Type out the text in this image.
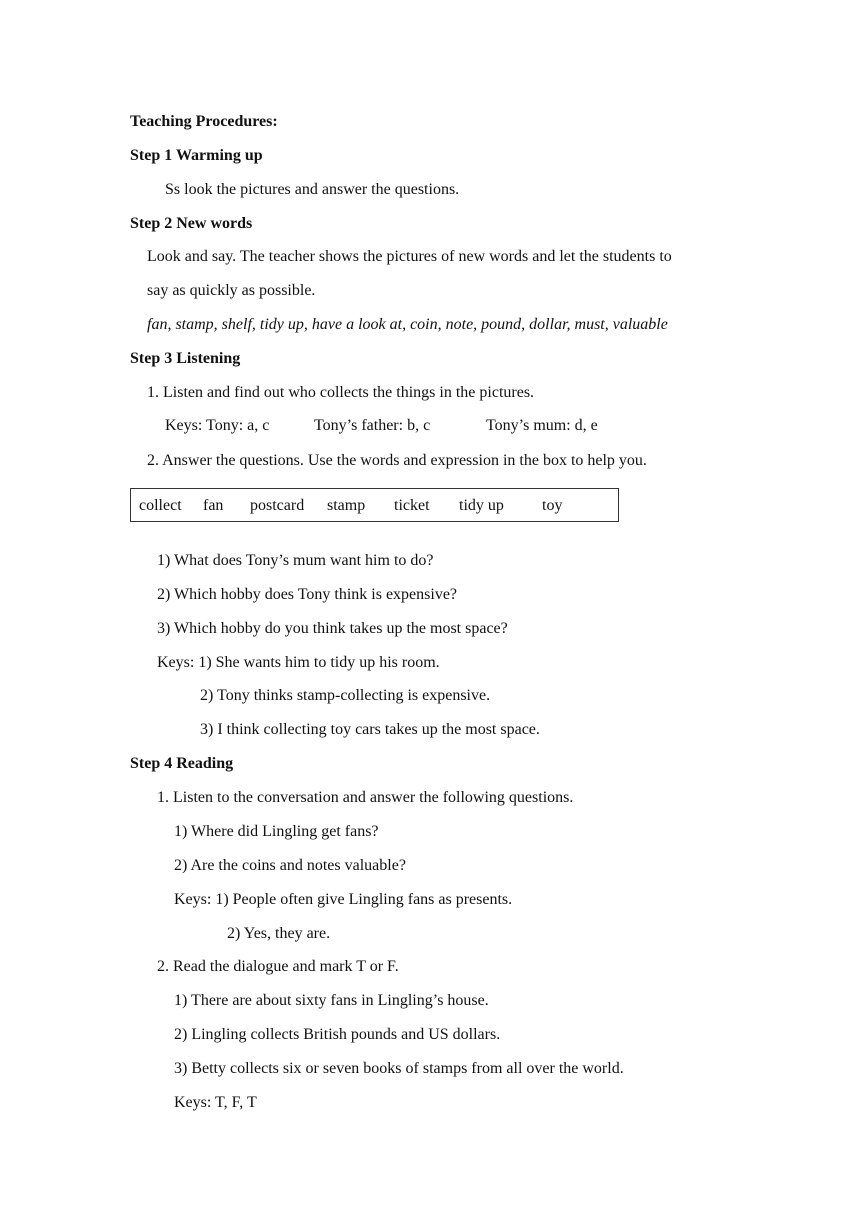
Teaching Procedures:
Step 1 Warming up
Ss look the pictures and answer the questions.
Step 2 New words
Look and say. The teacher shows the pictures of new words and let the students to
say as quickly as possible.
fan, stamp, shelf, tidy up, have a look at, coin, note, pound, dollar, must, valuable
Step 3 Listening
1. Listen and find out who collects the things in the pictures.
Keys: Tony: a, c	Tony’s father: b, c	Tony’s mum: d, e
2. Answer the questions. Use the words and expression in the box to help you.
collect fan postcard stamp ticket tidy up toy
1) What does Tony’s mum want him to do?
2) Which hobby does Tony think is expensive?
3) Which hobby do you think takes up the most space?
Keys: 1) She wants him to tidy up his room.
2) Tony thinks stamp-collecting is expensive.
3) I think collecting toy cars takes up the most space.
Step 4 Reading
1. Listen to the conversation and answer the following questions.
1) Where did Lingling get fans?
2) Are the coins and notes valuable?
Keys: 1) People often give Lingling fans as presents.
2) Yes, they are.
2. Read the dialogue and mark T or F.
1) There are about sixty fans in Lingling’s house.
2) Lingling collects British pounds and US dollars.
3) Betty collects six or seven books of stamps from all over the world.
Keys: T, F, T
